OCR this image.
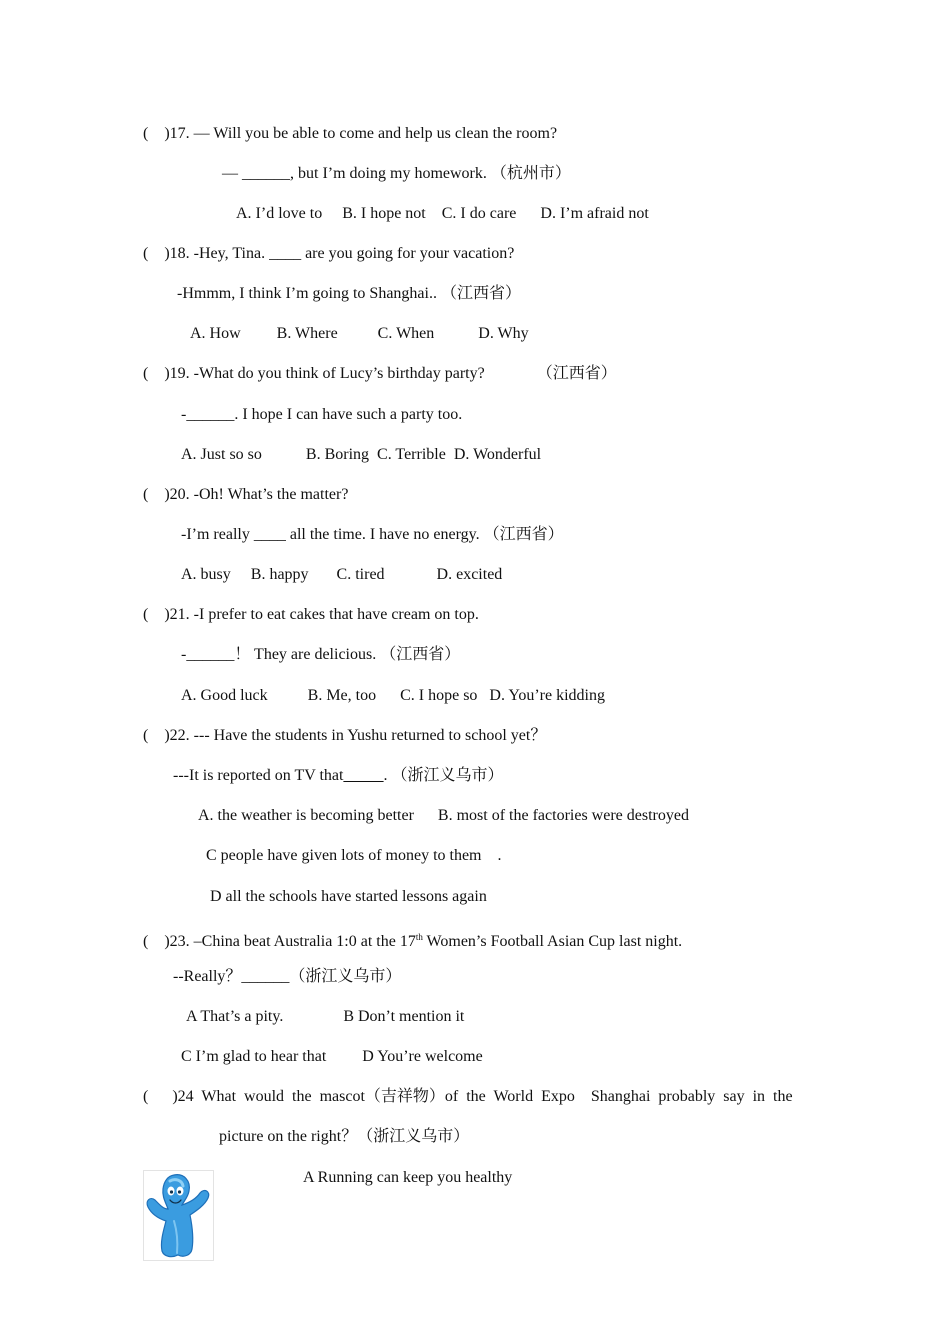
(    )17. — Will you be able to come and help us clean the room?
— ______, but I’m doing my homework. （杭州市）
A. I’d love to     B. I hope not    C. I do care      D. I’m afraid not
(    )18. -Hey, Tina. ____ are you going for your vacation?
-Hmmm, I think I’m going to Shanghai.. （江西省）
A. How         B. Where          C. When           D. Why
(    )19. -What do you think of Lucy’s birthday party?             （江西省）
-______. I hope I can have such a party too.
A. Just so so           B. Boring  C. Terrible  D. Wonderful
(    )20. -Oh! What’s the matter?
-I’m really ____ all the time. I have no energy. （江西省）
A. busy     B. happy       C. tired             D. excited
(    )21. -I prefer to eat cakes that have cream on top.
-______！ They are delicious. （江西省）
A. Good luck          B. Me, too      C. I hope so   D. You’re kidding
(    )22. --- Have the students in Yushu returned to school yet？
---It is reported on TV that_____. （浙江义乌市）
A. the weather is becoming better      B. most of the factories were destroyed
C people have given lots of money to them    .
D all the schools have started lessons again
(    )23. –China beat Australia 1:0 at the 17th Women’s Football Asian Cup last night.
--Really？______（浙江义乌市）
A That’s a pity.               B Don’t mention it
C I’m glad to hear that         D You’re welcome
(      )24  What  would  the  mascot（吉祥物）of  the  World  Expo    Shanghai  probably  say  in  the
picture on the right？（浙江义乌市）
A Running can keep you healthy
